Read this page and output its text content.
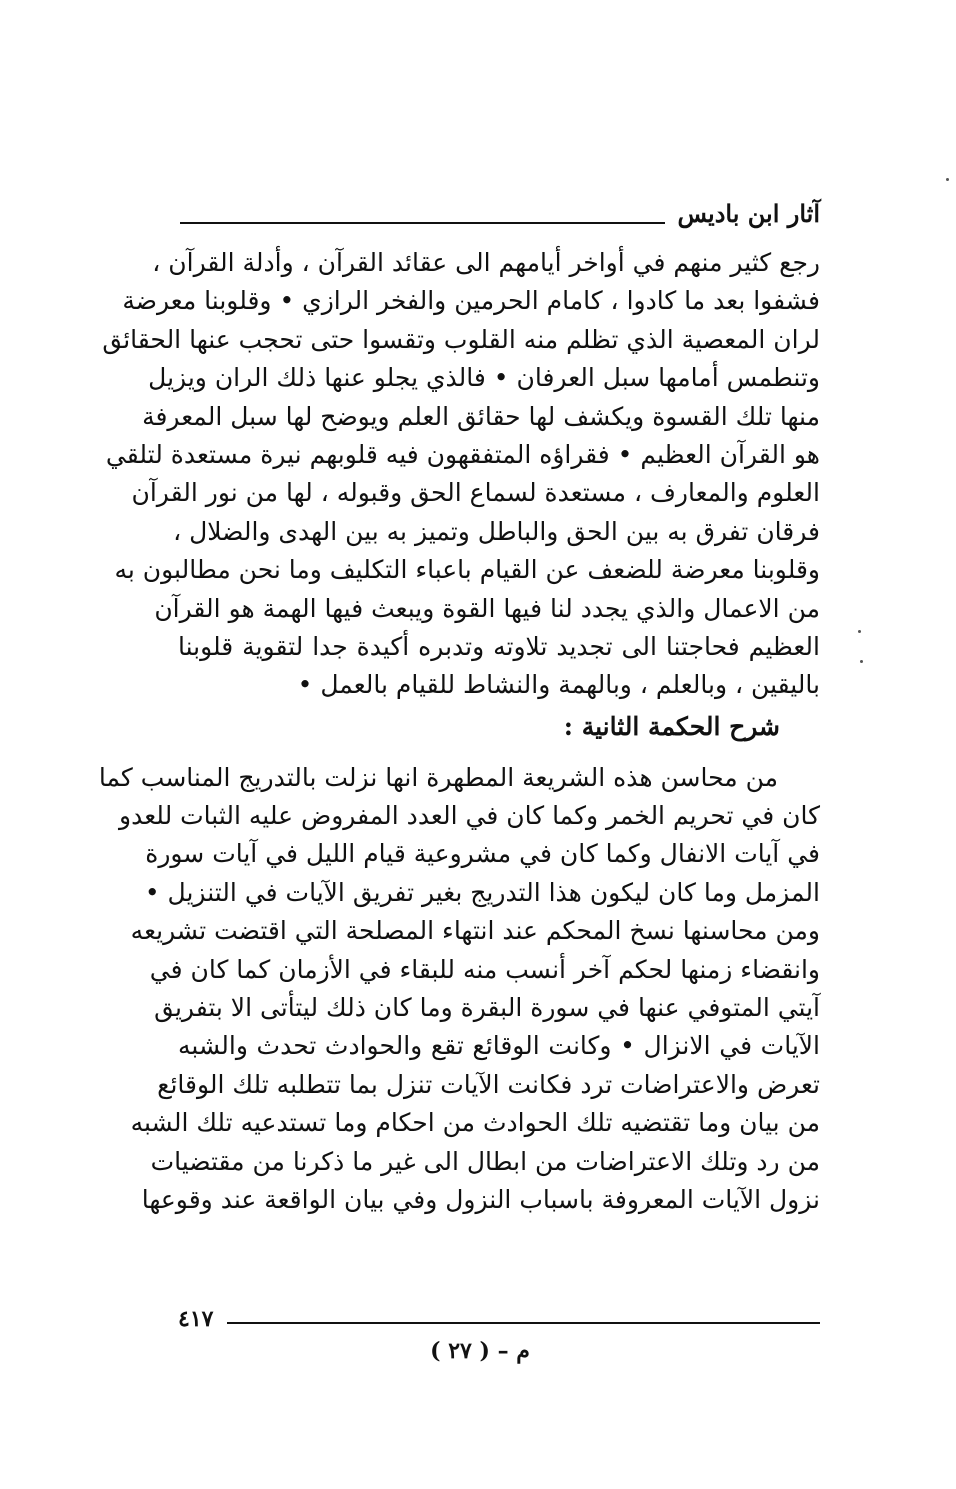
آثار ابن باديس
رجع كثير منهم في أواخر أيامهم الى عقائد القرآن ، وأدلة القرآن ،
فشفوا بعد ما كادوا ، كامام الحرمين والفخر الرازي • وقلوبنا معرضة
لران المعصية الذي تظلم منه القلوب وتقسوا حتى تحجب عنها الحقائق
وتنطمس أمامها سبل العرفان • فالذي يجلو عنها ذلك الران ويزيل
منها تلك القسوة ويكشف لها حقائق العلم ويوضح لها سبل المعرفة
هو القرآن العظيم • فقراؤه المتفقهون فيه قلوبهم نيرة مستعدة لتلقي
العلوم والمعارف ، مستعدة لسماع الحق وقبوله ، لها من نور القرآن
فرقان تفرق به بين الحق والباطل وتميز به بين الهدى والضلال ،
وقلوبنا معرضة للضعف عن القيام باعباء التكليف وما نحن مطالبون به
من الاعمال والذي يجدد لنا فيها القوة ويبعث فيها الهمة هو القرآن
العظيم فحاجتنا الى تجديد تلاوته وتدبره أكيدة جدا لتقوية قلوبنا
باليقين ، وبالعلم ، وبالهمة والنشاط للقيام بالعمل •
شرح الحكمة الثانية :
من محاسن هذه الشريعة المطهرة انها نزلت بالتدريج المناسب كما
كان في تحريم الخمر وكما كان في العدد المفروض عليه الثبات للعدو
في آيات الانفال وكما كان في مشروعية قيام الليل في آيات سورة
المزمل وما كان ليكون هذا التدريج بغير تفريق الآيات في التنزيل •
ومن محاسنها نسخ المحكم عند انتهاء المصلحة التي اقتضت تشريعه
وانقضاء زمنها لحكم آخر أنسب منه للبقاء في الأزمان كما كان في
آيتي المتوفي عنها في سورة البقرة وما كان ذلك ليتأتى الا بتفريق
الآيات في الانزال • وكانت الوقائع تقع والحوادث تحدث والشبه
تعرض والاعتراضات ترد فكانت الآيات تنزل بما تتطلبه تلك الوقائع
من بيان وما تقتضيه تلك الحوادث من احكام وما تستدعيه تلك الشبه
من رد وتلك الاعتراضات من ابطال الى غير ما ذكرنا من مقتضيات
نزول الآيات المعروفة باسباب النزول وفي بيان الواقعة عند وقوعها
٤١٧
م – ( ٢٧ )
